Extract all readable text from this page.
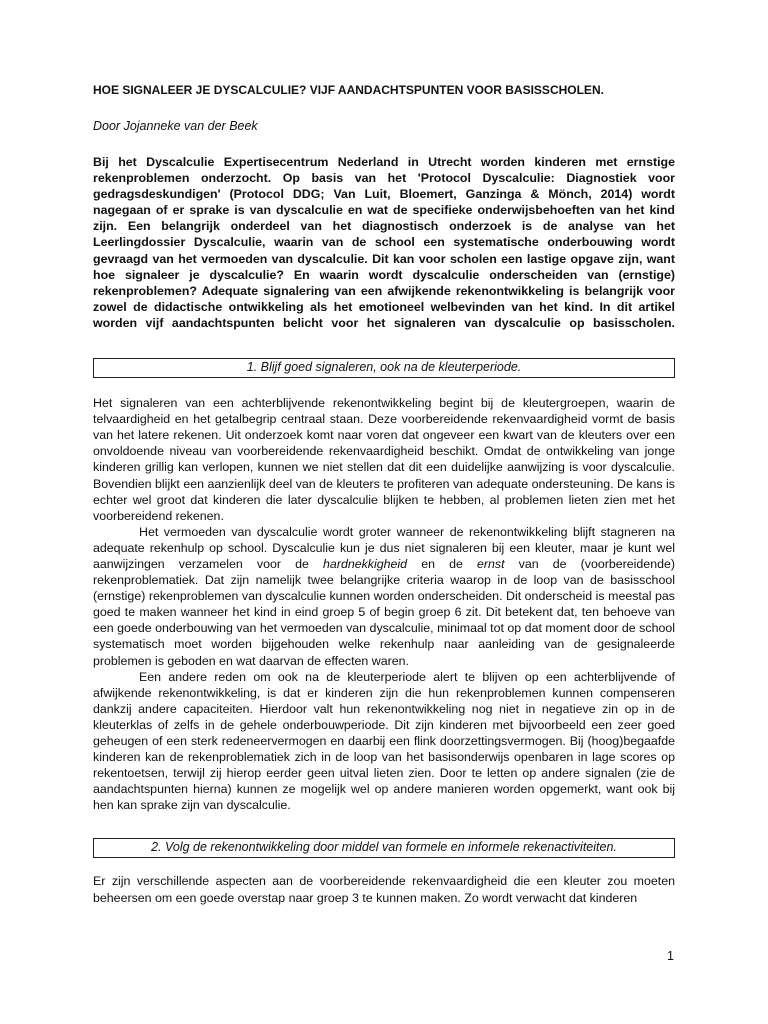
HOE SIGNALEER JE DYSCALCULIE? VIJF AANDACHTSPUNTEN VOOR BASISSCHOLEN.

Door Jojanneke van der Beek

Bij het Dyscalculie Expertisecentrum Nederland in Utrecht worden kinderen met ernstige rekenproblemen onderzocht. Op basis van het 'Protocol Dyscalculie: Diagnostiek voor gedragsdeskundigen' (Protocol DDG; Van Luit, Bloemert, Ganzinga & Mönch, 2014) wordt nagegaan of er sprake is van dyscalculie en wat de specifieke onderwijsbehoeften van het kind zijn. Een belangrijk onderdeel van het diagnostisch onderzoek is de analyse van het Leerlingdossier Dyscalculie, waarin van de school een systematische onderbouwing wordt gevraagd van het vermoeden van dyscalculie. Dit kan voor scholen een lastige opgave zijn, want hoe signaleer je dyscalculie? En waarin wordt dyscalculie onderscheiden van (ernstige) rekenproblemen? Adequate signalering van een afwijkende rekenontwikkeling is belangrijk voor zowel de didactische ontwikkeling als het emotioneel welbevinden van het kind. In dit artikel worden vijf aandachtspunten belicht voor het signaleren van dyscalculie op basisscholen.

1. Blijf goed signaleren, ook na de kleuterperiode.

Het signaleren van een achterblijvende rekenontwikkeling begint bij de kleutergroepen, waarin de telvaardigheid en het getalbegrip centraal staan. Deze voorbereidende rekenvaardigheid vormt de basis van het latere rekenen. Uit onderzoek komt naar voren dat ongeveer een kwart van de kleuters over een onvoldoende niveau van voorbereidende rekenvaardigheid beschikt. Omdat de ontwikkeling van jonge kinderen grillig kan verlopen, kunnen we niet stellen dat dit een duidelijke aanwijzing is voor dyscalculie. Bovendien blijkt een aanzienlijk deel van de kleuters te profiteren van adequate ondersteuning. De kans is echter wel groot dat kinderen die later dyscalculie blijken te hebben, al problemen lieten zien met het voorbereidend rekenen.

Het vermoeden van dyscalculie wordt groter wanneer de rekenontwikkeling blijft stagneren na adequate rekenhulp op school. Dyscalculie kun je dus niet signaleren bij een kleuter, maar je kunt wel aanwijzingen verzamelen voor de hardnekkigheid en de ernst van de (voorbereidende) rekenproblematiek. Dat zijn namelijk twee belangrijke criteria waarop in de loop van de basisschool (ernstige) rekenproblemen van dyscalculie kunnen worden onderscheiden. Dit onderscheid is meestal pas goed te maken wanneer het kind in eind groep 5 of begin groep 6 zit. Dit betekent dat, ten behoeve van een goede onderbouwing van het vermoeden van dyscalculie, minimaal tot op dat moment door de school systematisch moet worden bijgehouden welke rekenhulp naar aanleiding van de gesignaleerde problemen is geboden en wat daarvan de effecten waren.

Een andere reden om ook na de kleuterperiode alert te blijven op een achterblijvende of afwijkende rekenontwikkeling, is dat er kinderen zijn die hun rekenproblemen kunnen compenseren dankzij andere capaciteiten. Hierdoor valt hun rekenontwikkeling nog niet in negatieve zin op in de kleuterklas of zelfs in de gehele onderbouwperiode. Dit zijn kinderen met bijvoorbeeld een zeer goed geheugen of een sterk redeneervermogen en daarbij een flink doorzettingsvermogen. Bij (hoog)begaafde kinderen kan de rekenproblematiek zich in de loop van het basisonderwijs openbaren in lage scores op rekentoetsen, terwijl zij hierop eerder geen uitval lieten zien. Door te letten op andere signalen (zie de aandachtspunten hierna) kunnen ze mogelijk wel op andere manieren worden opgemerkt, want ook bij hen kan sprake zijn van dyscalculie.

2. Volg de rekenontwikkeling door middel van formele en informele rekenactiviteiten.

Er zijn verschillende aspecten aan de voorbereidende rekenvaardigheid die een kleuter zou moeten beheersen om een goede overstap naar groep 3 te kunnen maken. Zo wordt verwacht dat kinderen

1
